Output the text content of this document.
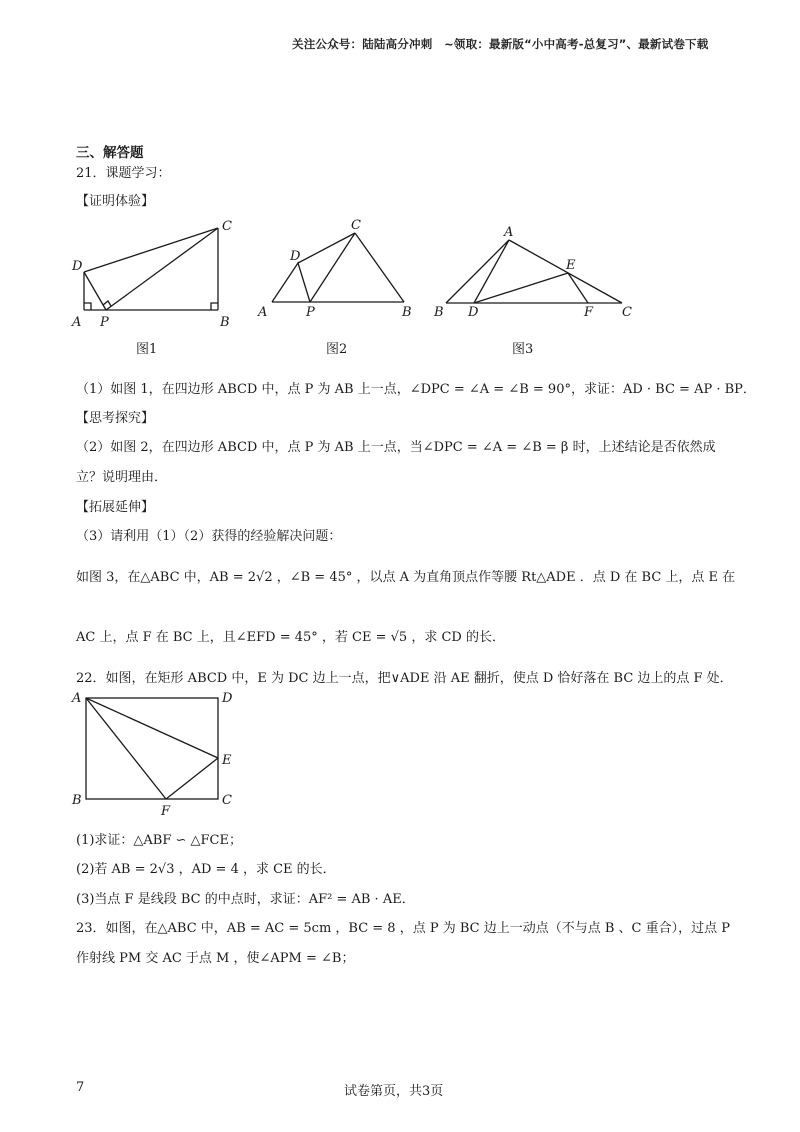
关注公众号：陆陆高分冲刺　~领取：最新版“小中高考-总复习”、最新试卷下载
三、解答题
21．课题学习：
【证明体验】
D
C
A P	B
D
C
A	P	B
A
E
B D	F C
图1	图2	图3
（1）如图 1，在四边形 ABCD 中，点 P 为 AB 上一点，∠DPC = ∠A = ∠B = 90°，求证：AD · BC = AP · BP．
【思考探究】
（2）如图 2，在四边形 ABCD 中，点 P 为 AB 上一点，当∠DPC = ∠A = ∠B = β 时，上述结论是否依然成
立？说明理由．
【拓展延伸】
（3）请利用（1）（2）获得的经验解决问题：
如图 3，在△ABC 中，AB = 2√2 ，∠B = 45° ，以点 A 为直角顶点作等腰 Rt△ADE ．点 D 在 BC 上，点 E 在
AC 上，点 F 在 BC 上，且∠EFD = 45° ，若 CE = √5 ，求 CD 的长．
22．如图，在矩形 ABCD 中，E 为 DC 边上一点，把∨ADE 沿 AE 翻折，使点 D 恰好落在 BC 边上的点 F 处．
A	D
E
B
F
C
(1)求证：△ABF ∽ △FCE；
(2)若 AB = 2√3 ，AD = 4 ，求 CE 的长．
(3)当点 F 是线段 BC 的中点时，求证：AF² = AB · AE．
23．如图，在△ABC 中，AB = AC = 5cm ，BC = 8 ，点 P 为 BC 边上一动点（不与点 B 、C 重合），过点 P
作射线 PM 交 AC 于点 M ，使∠APM = ∠B；
7	试卷第页，共3页
